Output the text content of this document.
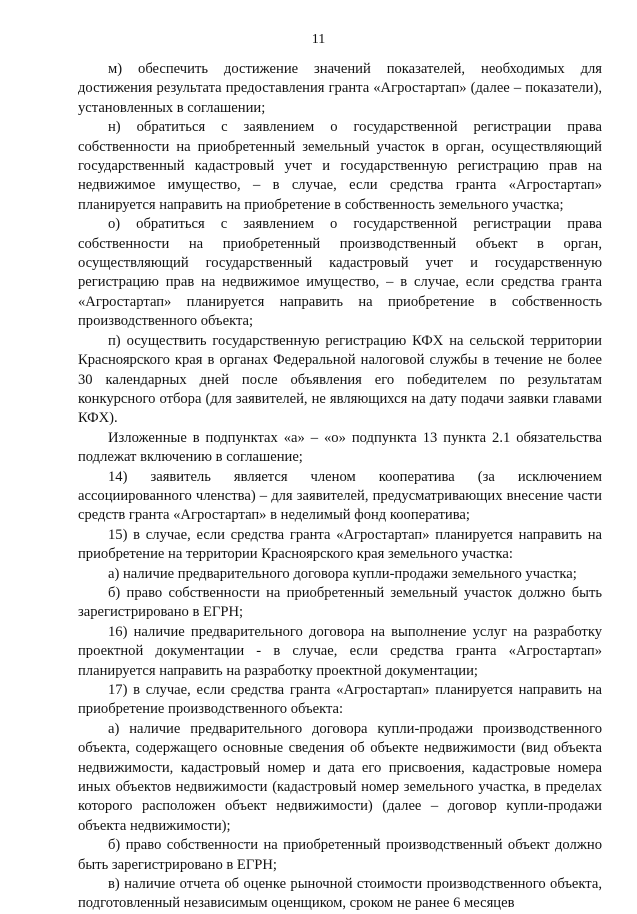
11

м) обеспечить достижение значений показателей, необходимых для достижения результата предоставления гранта «Агростартап» (далее – показатели), установленных в соглашении;

н) обратиться с заявлением о государственной регистрации права собственности на приобретенный земельный участок в орган, осуществляющий государственный кадастровый учет и государственную регистрацию прав на недвижимое имущество, – в случае, если средства гранта «Агростартап» планируется направить на приобретение в собственность земельного участка;

о) обратиться с заявлением о государственной регистрации права собственности на приобретенный производственный объект в орган, осуществляющий государственный кадастровый учет и государственную регистрацию прав на недвижимое имущество, – в случае, если средства гранта «Агростартап» планируется направить на приобретение в собственность производственного объекта;

п) осуществить государственную регистрацию КФХ на сельской территории Красноярского края в органах Федеральной налоговой службы в течение не более 30 календарных дней после объявления его победителем по результатам конкурсного отбора (для заявителей, не являющихся на дату подачи заявки главами КФХ).

Изложенные в подпунктах «а» – «о» подпункта 13 пункта 2.1 обязательства подлежат включению в соглашение;

14) заявитель является членом кооператива (за исключением ассоциированного членства) – для заявителей, предусматривающих внесение части средств гранта «Агростартап» в неделимый фонд кооператива;

15) в случае, если средства гранта «Агростартап» планируется направить на приобретение на территории Красноярского края земельного участка:

а) наличие предварительного договора купли-продажи земельного участка;

б) право собственности на приобретенный земельный участок должно быть зарегистрировано в ЕГРН;

16) наличие предварительного договора на выполнение услуг на разработку проектной документации - в случае, если средства гранта «Агростартап» планируется направить на разработку проектной документации;

17) в случае, если средства гранта «Агростартап» планируется направить на приобретение производственного объекта:

а) наличие предварительного договора купли-продажи производственного объекта, содержащего основные сведения об объекте недвижимости (вид объекта недвижимости, кадастровый номер и дата его присвоения, кадастровые номера иных объектов недвижимости (кадастровый номер земельного участка, в пределах которого расположен объект недвижимости) (далее – договор купли-продажи объекта недвижимости);

б) право собственности на приобретенный производственный объект должно быть зарегистрировано в ЕГРН;

в) наличие отчета об оценке рыночной стоимости производственного объекта, подготовленный независимым оценщиком, сроком не ранее 6 месяцев
